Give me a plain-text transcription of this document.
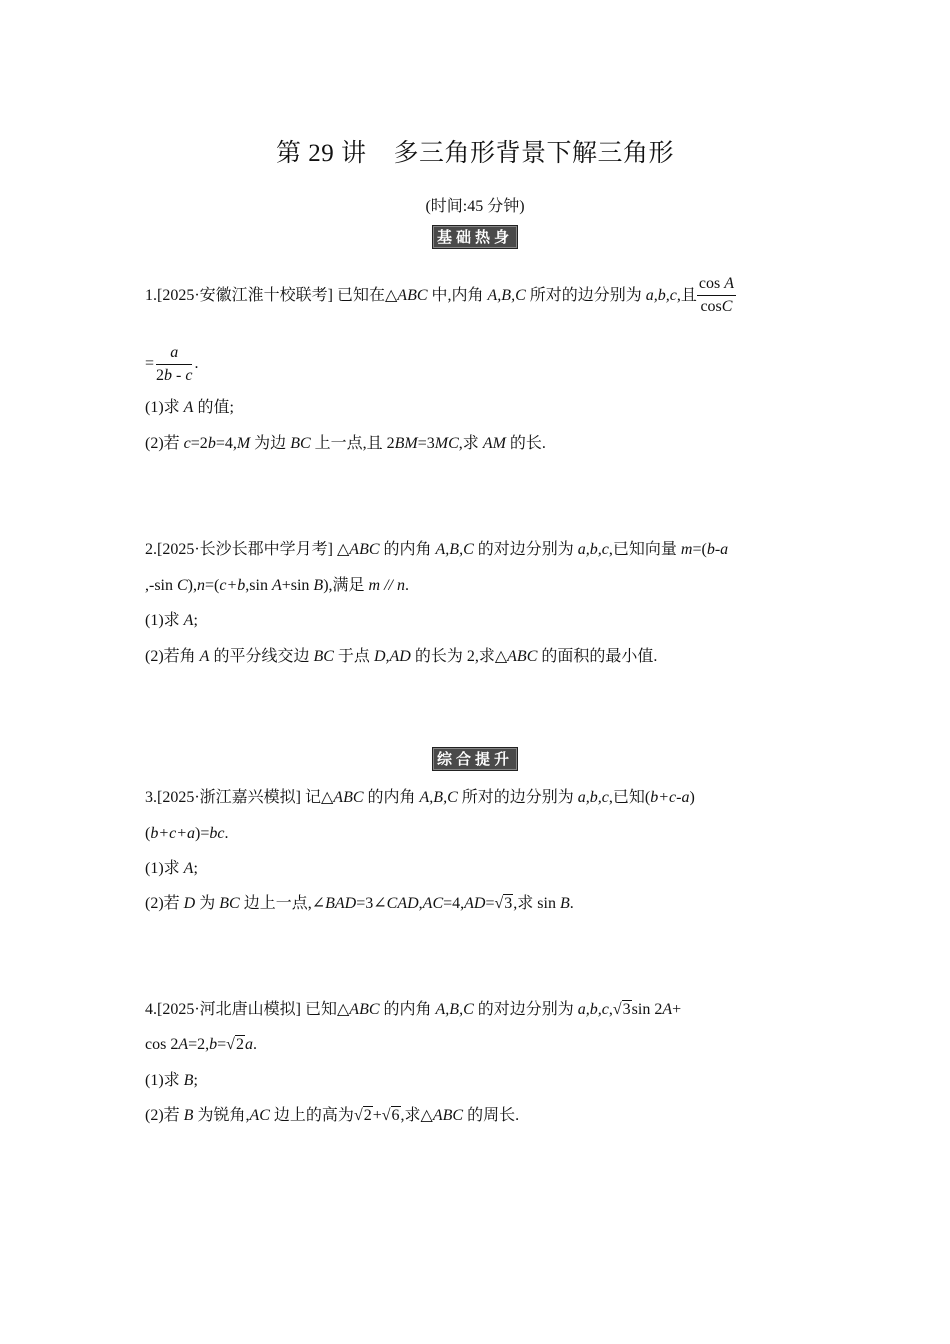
第 29 讲    多三角形背景下解三角形
(时间:45 分钟)
基础热身
1.[2025·安徽江淮十校联考] 已知在△ABC 中,内角 A,B,C 所对的边分别为 a,b,c,且 $\frac{\text{cos A}}{\cos C}$
= $\frac{a}{2b - c}$ .
(1)求 A 的值;
(2)若 c=2b=4,M 为边 BC 上一点,且 2BM=3MC,求 AM 的长.
2.[2025·长沙长郡中学月考] △ABC 的内角 A,B,C 的对边分别为 a,b,c,已知向量 m=(b-a
,-sin C),n=(c+b,sin A+sin B),满足 m // n.
(1)求 A;
(2)若角 A 的平分线交边 BC 于点 D,AD 的长为 2,求△ABC 的面积的最小值.
综合提升
3.[2025·浙江嘉兴模拟] 记△ABC 的内角 A,B,C 所对的边分别为 a,b,c,已知(b+c-a)
(b+c+a)=bc.
(1)求 A;
(2)若 D 为 BC 边上一点,∠BAD=3∠CAD,AC=4,AD=√3,求 sin B.
4.[2025·河北唐山模拟] 已知△ABC 的内角 A,B,C 的对边分别为 a,b,c,√3sin 2A+
cos 2A=2,b=√2a.
(1)求 B;
(2)若 B 为锐角,AC 边上的高为√2+√6,求△ABC 的周长.
